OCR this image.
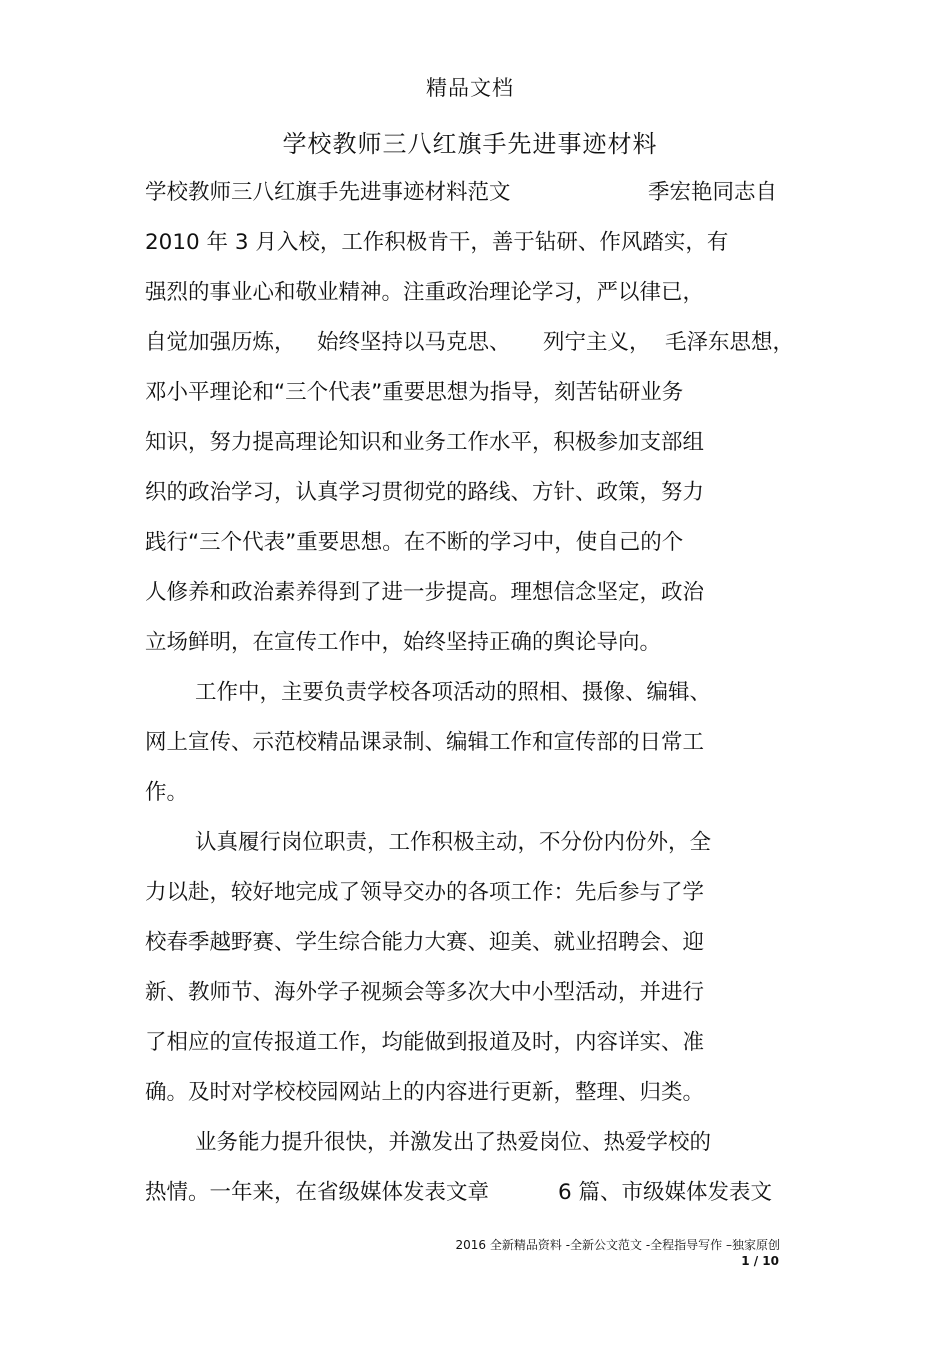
精品文档
学校教师三八红旗手先进事迹材料
学校教师三八红旗手先进事迹材料范文	季宏艳同志自
2010 年 3 月入校，工作积极肯干，善于钻研、作风踏实，有
强烈的事业心和敬业精神。注重政治理论学习，严以律已，
自觉加强历炼， 始终坚持以马克思、 列宁主义， 毛泽东思想，
邓小平理论和“三个代表”重要思想为指导，刻苦钻研业务
知识，努力提高理论知识和业务工作水平，积极参加支部组
织的政治学习，认真学习贯彻党的路线、方针、政策，努力
践行“三个代表”重要思想。在不断的学习中，使自己的个
人修养和政治素养得到了进一步提高。理想信念坚定，政治
立场鲜明，在宣传工作中，始终坚持正确的舆论导向。
工作中，主要负责学校各项活动的照相、摄像、编辑、
网上宣传、示范校精品课录制、编辑工作和宣传部的日常工
作。
认真履行岗位职责，工作积极主动，不分份内份外，全
力以赴，较好地完成了领导交办的各项工作：先后参与了学
校春季越野赛、学生综合能力大赛、迎美、就业招聘会、迎
新、教师节、海外学子视频会等多次大中小型活动，并进行
了相应的宣传报道工作，均能做到报道及时，内容详实、准
确。及时对学校校园网站上的内容进行更新，整理、归类。
业务能力提升很快，并激发出了热爱岗位、热爱学校的
热情。一年来，在省级媒体发表文章	6 篇、市级媒体发表文
2016 全新精品资料 -全新公文范文 -全程指导写作 –独家原创
1 / 10
